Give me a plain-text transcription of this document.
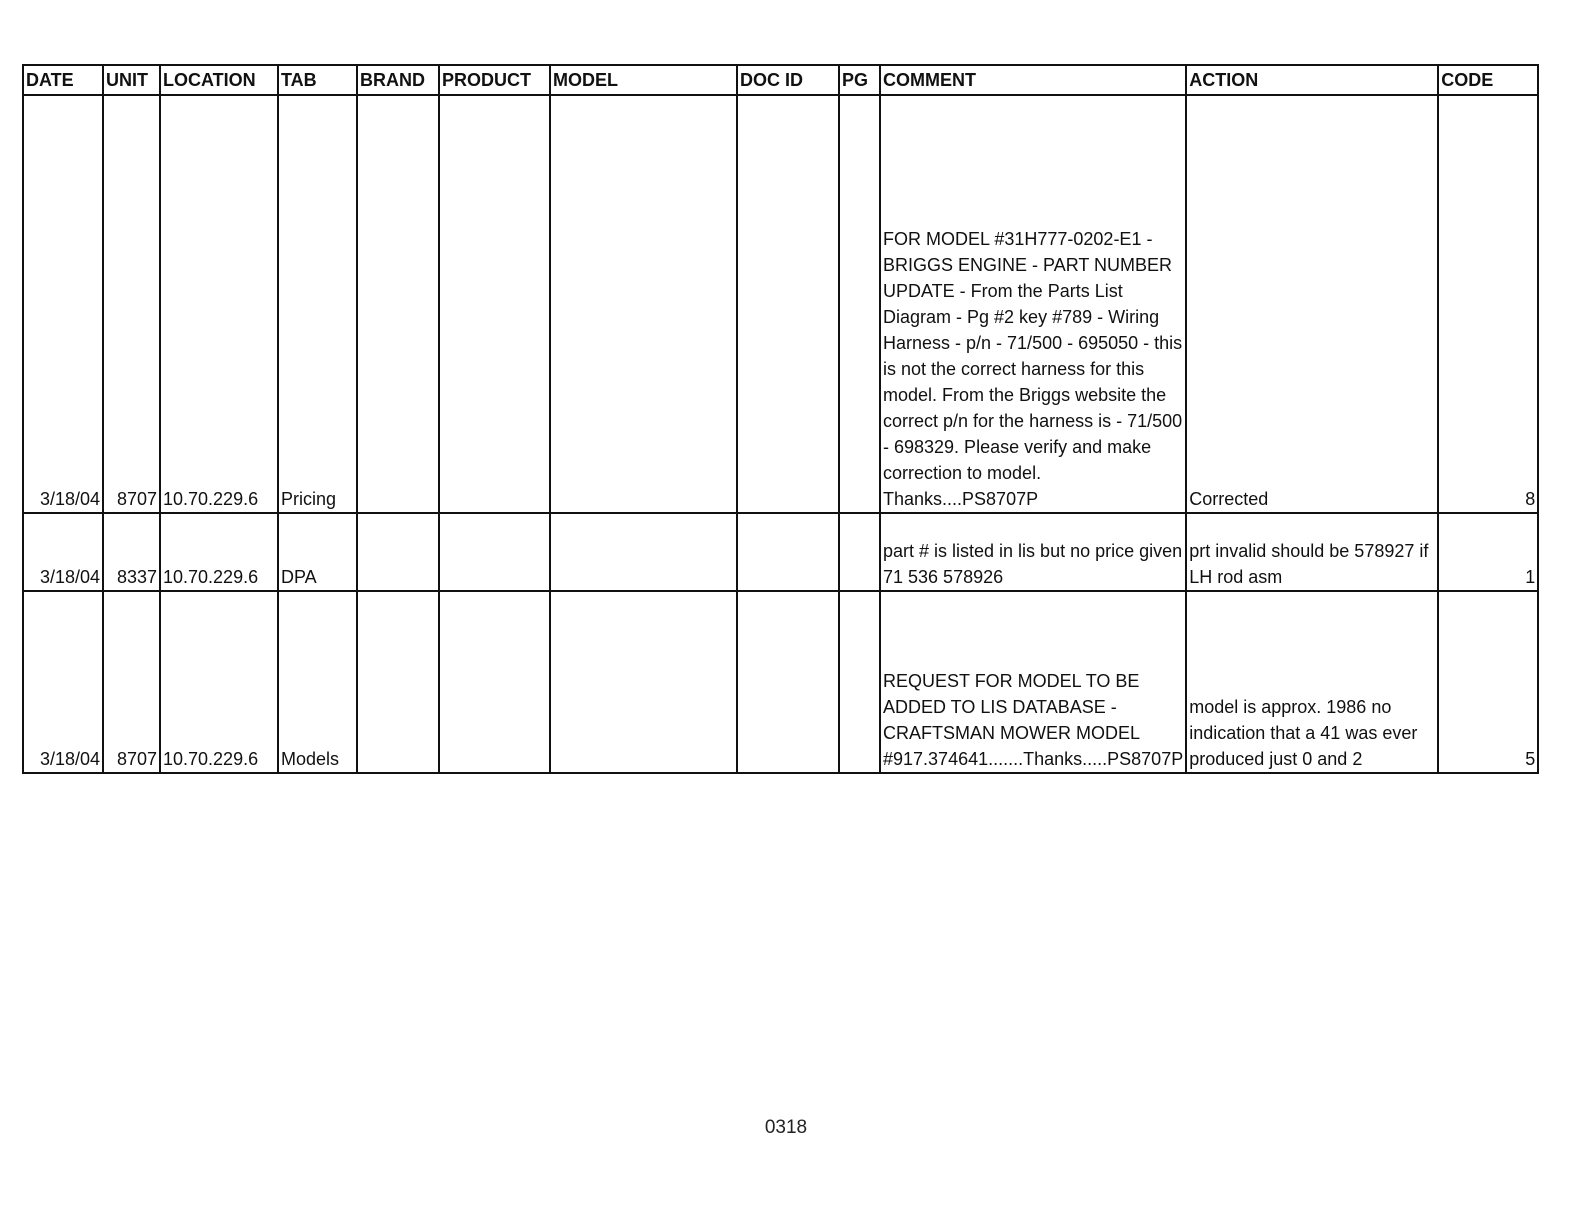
DATE	UNIT	LOCATION	TAB	BRAND	PRODUCT	MODEL	DOC ID	PG	COMMENT	ACTION	CODE
3/18/04	8707	10.70.229.6	Pricing						FOR MODEL #31H777-0202-E1 - BRIGGS ENGINE - PART NUMBER UPDATE - From the Parts List Diagram - Pg #2 key #789 - Wiring Harness - p/n - 71/500 - 695050 - this is not the correct harness for this model. From the Briggs website the correct p/n for the harness is - 71/500 - 698329. Please verify and make correction to model. Thanks....PS8707P	Corrected	8
3/18/04	8337	10.70.229.6	DPA						part # is listed in lis but no price given 71 536 578926	prt invalid should be 578927 if LH rod asm	1
3/18/04	8707	10.70.229.6	Models						REQUEST FOR MODEL TO BE ADDED TO LIS DATABASE - CRAFTSMAN MOWER MODEL #917.374641.......Thanks.....PS8707P	model is approx. 1986 no indication that a 41 was ever produced just 0 and 2	5
0318
